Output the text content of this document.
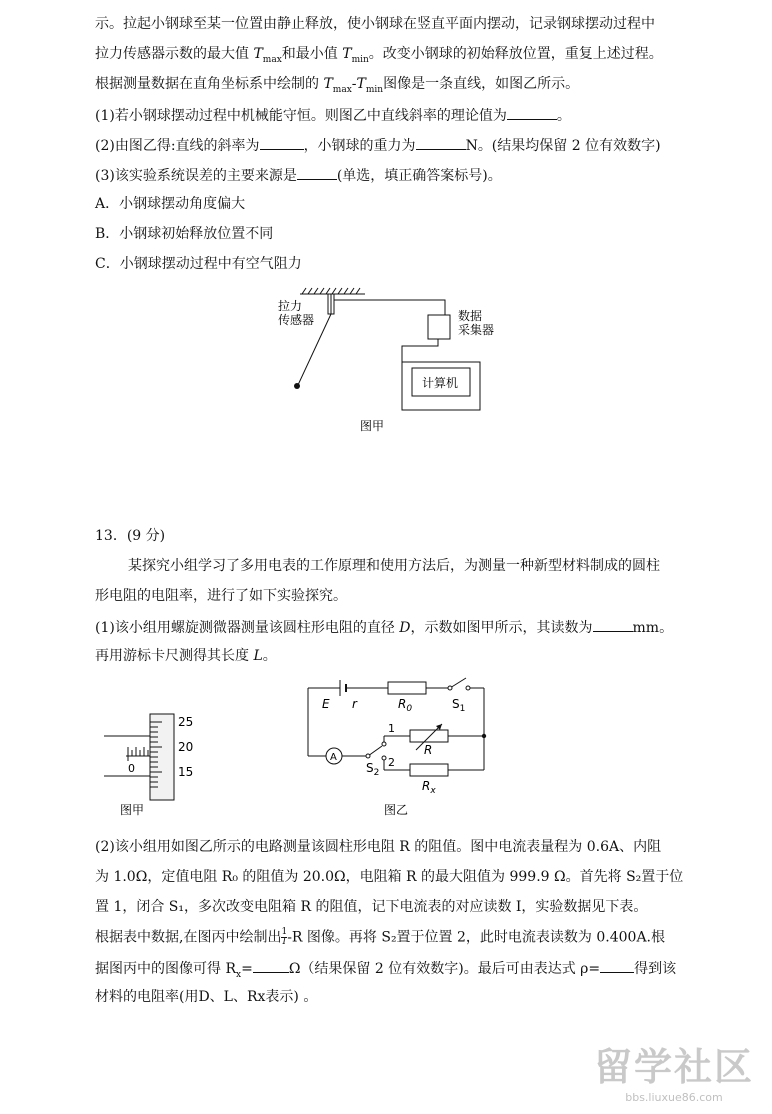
示。拉起小钢球至某一位置由静止释放，使小钢球在竖直平面内摆动，记录钢球摆动过程中
拉力传感器示数的最大值 $T_{max}$和最小值 $T_{min}$。改变小钢球的初始释放位置，重复上述过程。
根据测量数据在直角坐标系中绘制的 $T_{max}-T_{min}$图像是一条直线，如图乙所示。
(1)若小钢球摆动过程中机械能守恒。则图乙中直线斜率的理论值为	。
(2)由图乙得:直线的斜率为	，小钢球的重力为	N。(结果均保留 2 位有效数字)
(3)该实验系统误差的主要来源是	(单选，填正确答案标号)。
A．小钢球摆动角度偏大
B．小钢球初始释放位置不同
C．小钢球摆动过程中有空气阻力
拉力
传感器	数据
采集器
计算机
图甲
13．(9 分)
某探究小组学习了多用电表的工作原理和使用方法后，为测量一种新型材料制成的圆柱
形电阻的电阻率，进行了如下实验探究。
(1)该小组用螺旋测微器测量该圆柱形电阻的直径 D，示数如图甲所示，其读数为	mm。
再用游标卡尺测得其长度 L。
25
20
15
0
图甲
E r	$R_0$	$S_1$
1
R
A
$S_2$
2
$R_x$
图乙
(2)该小组用如图乙所示的电路测量该圆柱形电阻 R 的阻值。图中电流表量程为 0.6A、内阻
为 1.0Ω，定值电阻 R₀ 的阻值为 20.0Ω，电阻箱 R 的最大阻值为 999.9 Ω。首先将 S₂置于位
置 1，闭合 S₁，多次改变电阻箱 R 的阻值，记下电流表的对应读数 I，实验数据见下表。
根据表中数据,在图丙中绘制出 $\frac{1}{I} -R$ 图像。再将 S₂置于位置 2，此时电流表读数为 0.400A.根
据图丙中的图像可得 $R_x=$	Ω（结果保留 2 位有效数字)。最后可由表达式 ρ= 得到该
材料的电阻率(用D、L、Rx表示) 。
留学社区
bbs.liuxue86.com
